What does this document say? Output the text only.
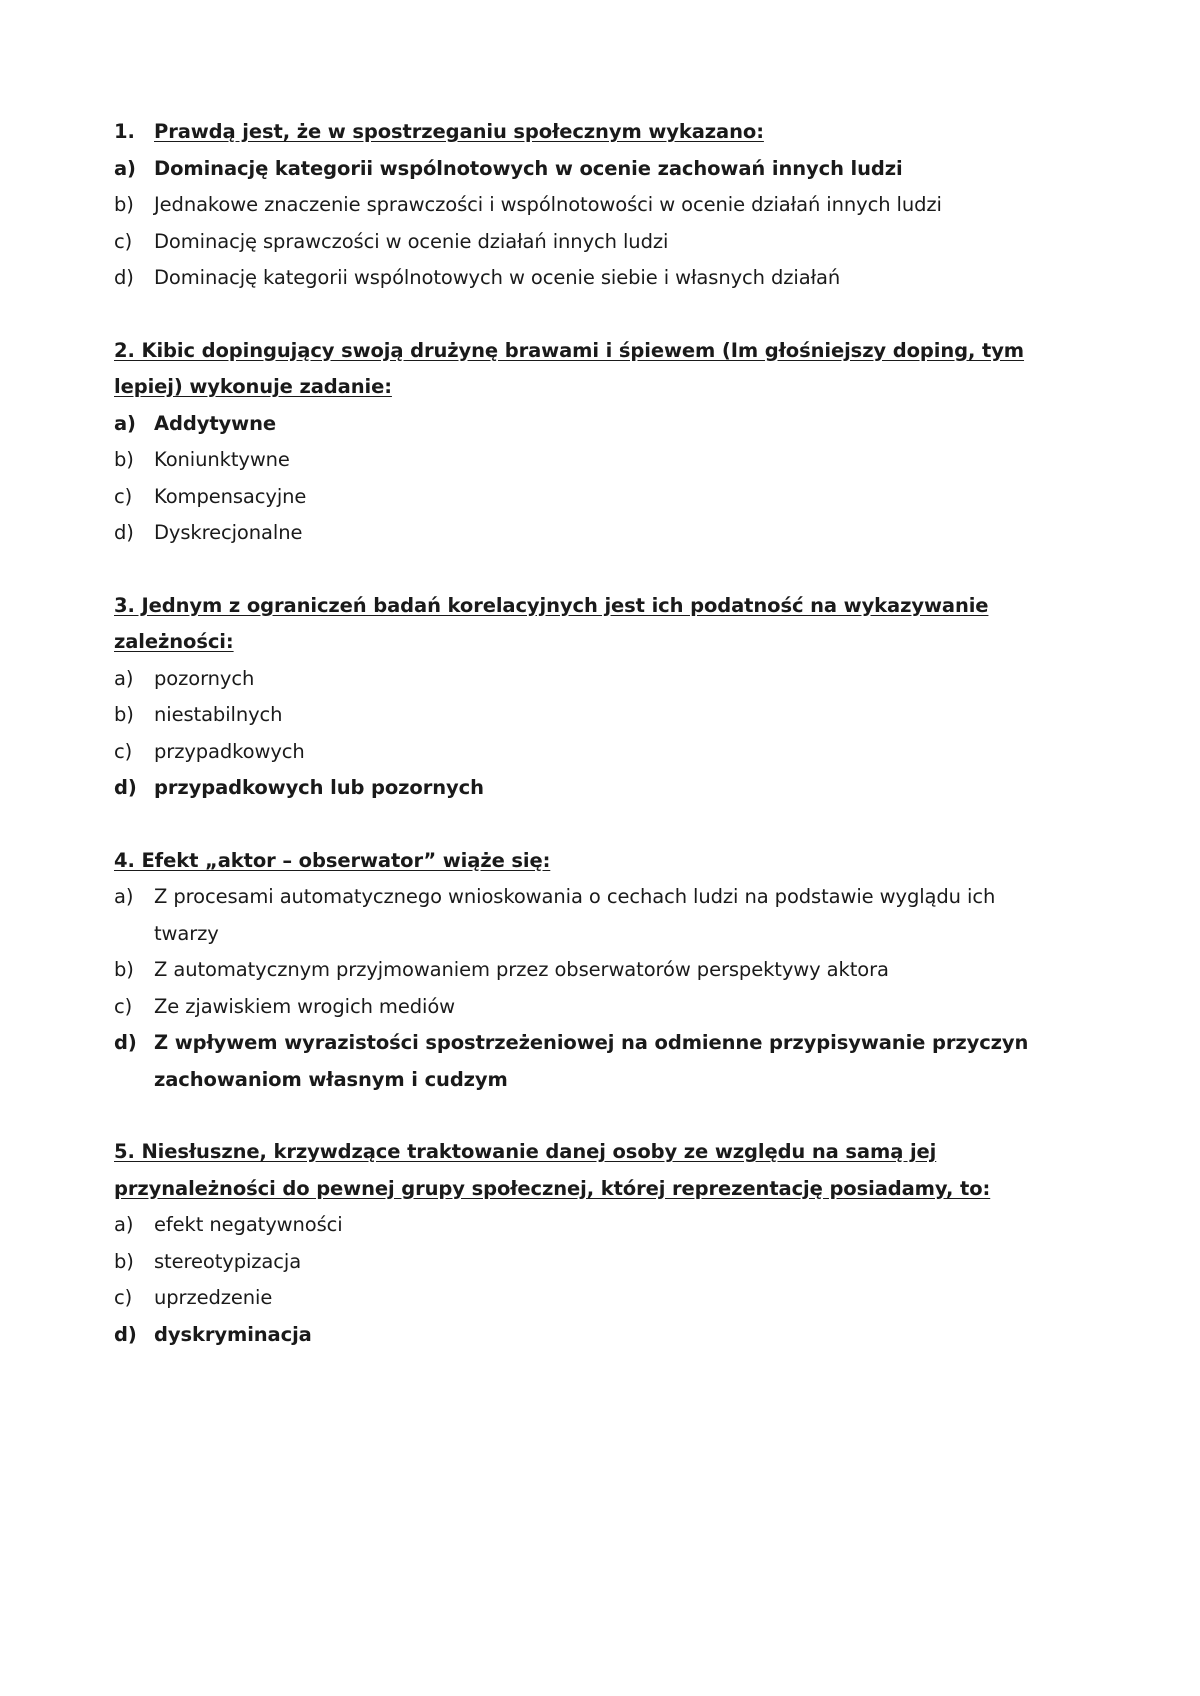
1. Prawdą jest, że w spostrzeganiu społecznym wykazano:
a) Dominację kategorii wspólnotowych w ocenie zachowań innych ludzi
b)	Jednakowe znaczenie sprawczości i wspólnotowości w ocenie działań innych ludzi
c)	Dominację sprawczości w ocenie działań innych ludzi
d)	Dominację kategorii wspólnotowych w ocenie siebie i własnych działań
2. Kibic dopingujący swoją drużynę brawami i śpiewem (Im głośniejszy doping, tym
lepiej) wykonuje zadanie:
a) Addytywne
b)	Koniunktywne
c)	Kompensacyjne
d)	Dyskrecjonalne
3. Jednym z ograniczeń badań korelacyjnych jest ich podatność na wykazywanie
zależności:
a)	pozornych
b)	niestabilnych
c)	przypadkowych
d) przypadkowych lub pozornych
4. Efekt „aktor – obserwator” wiąże się:
a)	Z procesami automatycznego wnioskowania o cechach ludzi na podstawie wyglądu ich
twarzy
b)	Z automatycznym przyjmowaniem przez obserwatorów perspektywy aktora
c)	Ze zjawiskiem wrogich mediów
d) Z wpływem wyrazistości spostrzeżeniowej na odmienne przypisywanie przyczyn
zachowaniom własnym i cudzym
5. Niesłuszne, krzywdzące traktowanie danej osoby ze względu na samą jej
przynależności do pewnej grupy społecznej, której reprezentację posiadamy, to:
a)	efekt negatywności
b)	stereotypizacja
c)	uprzedzenie
d) dyskryminacja
